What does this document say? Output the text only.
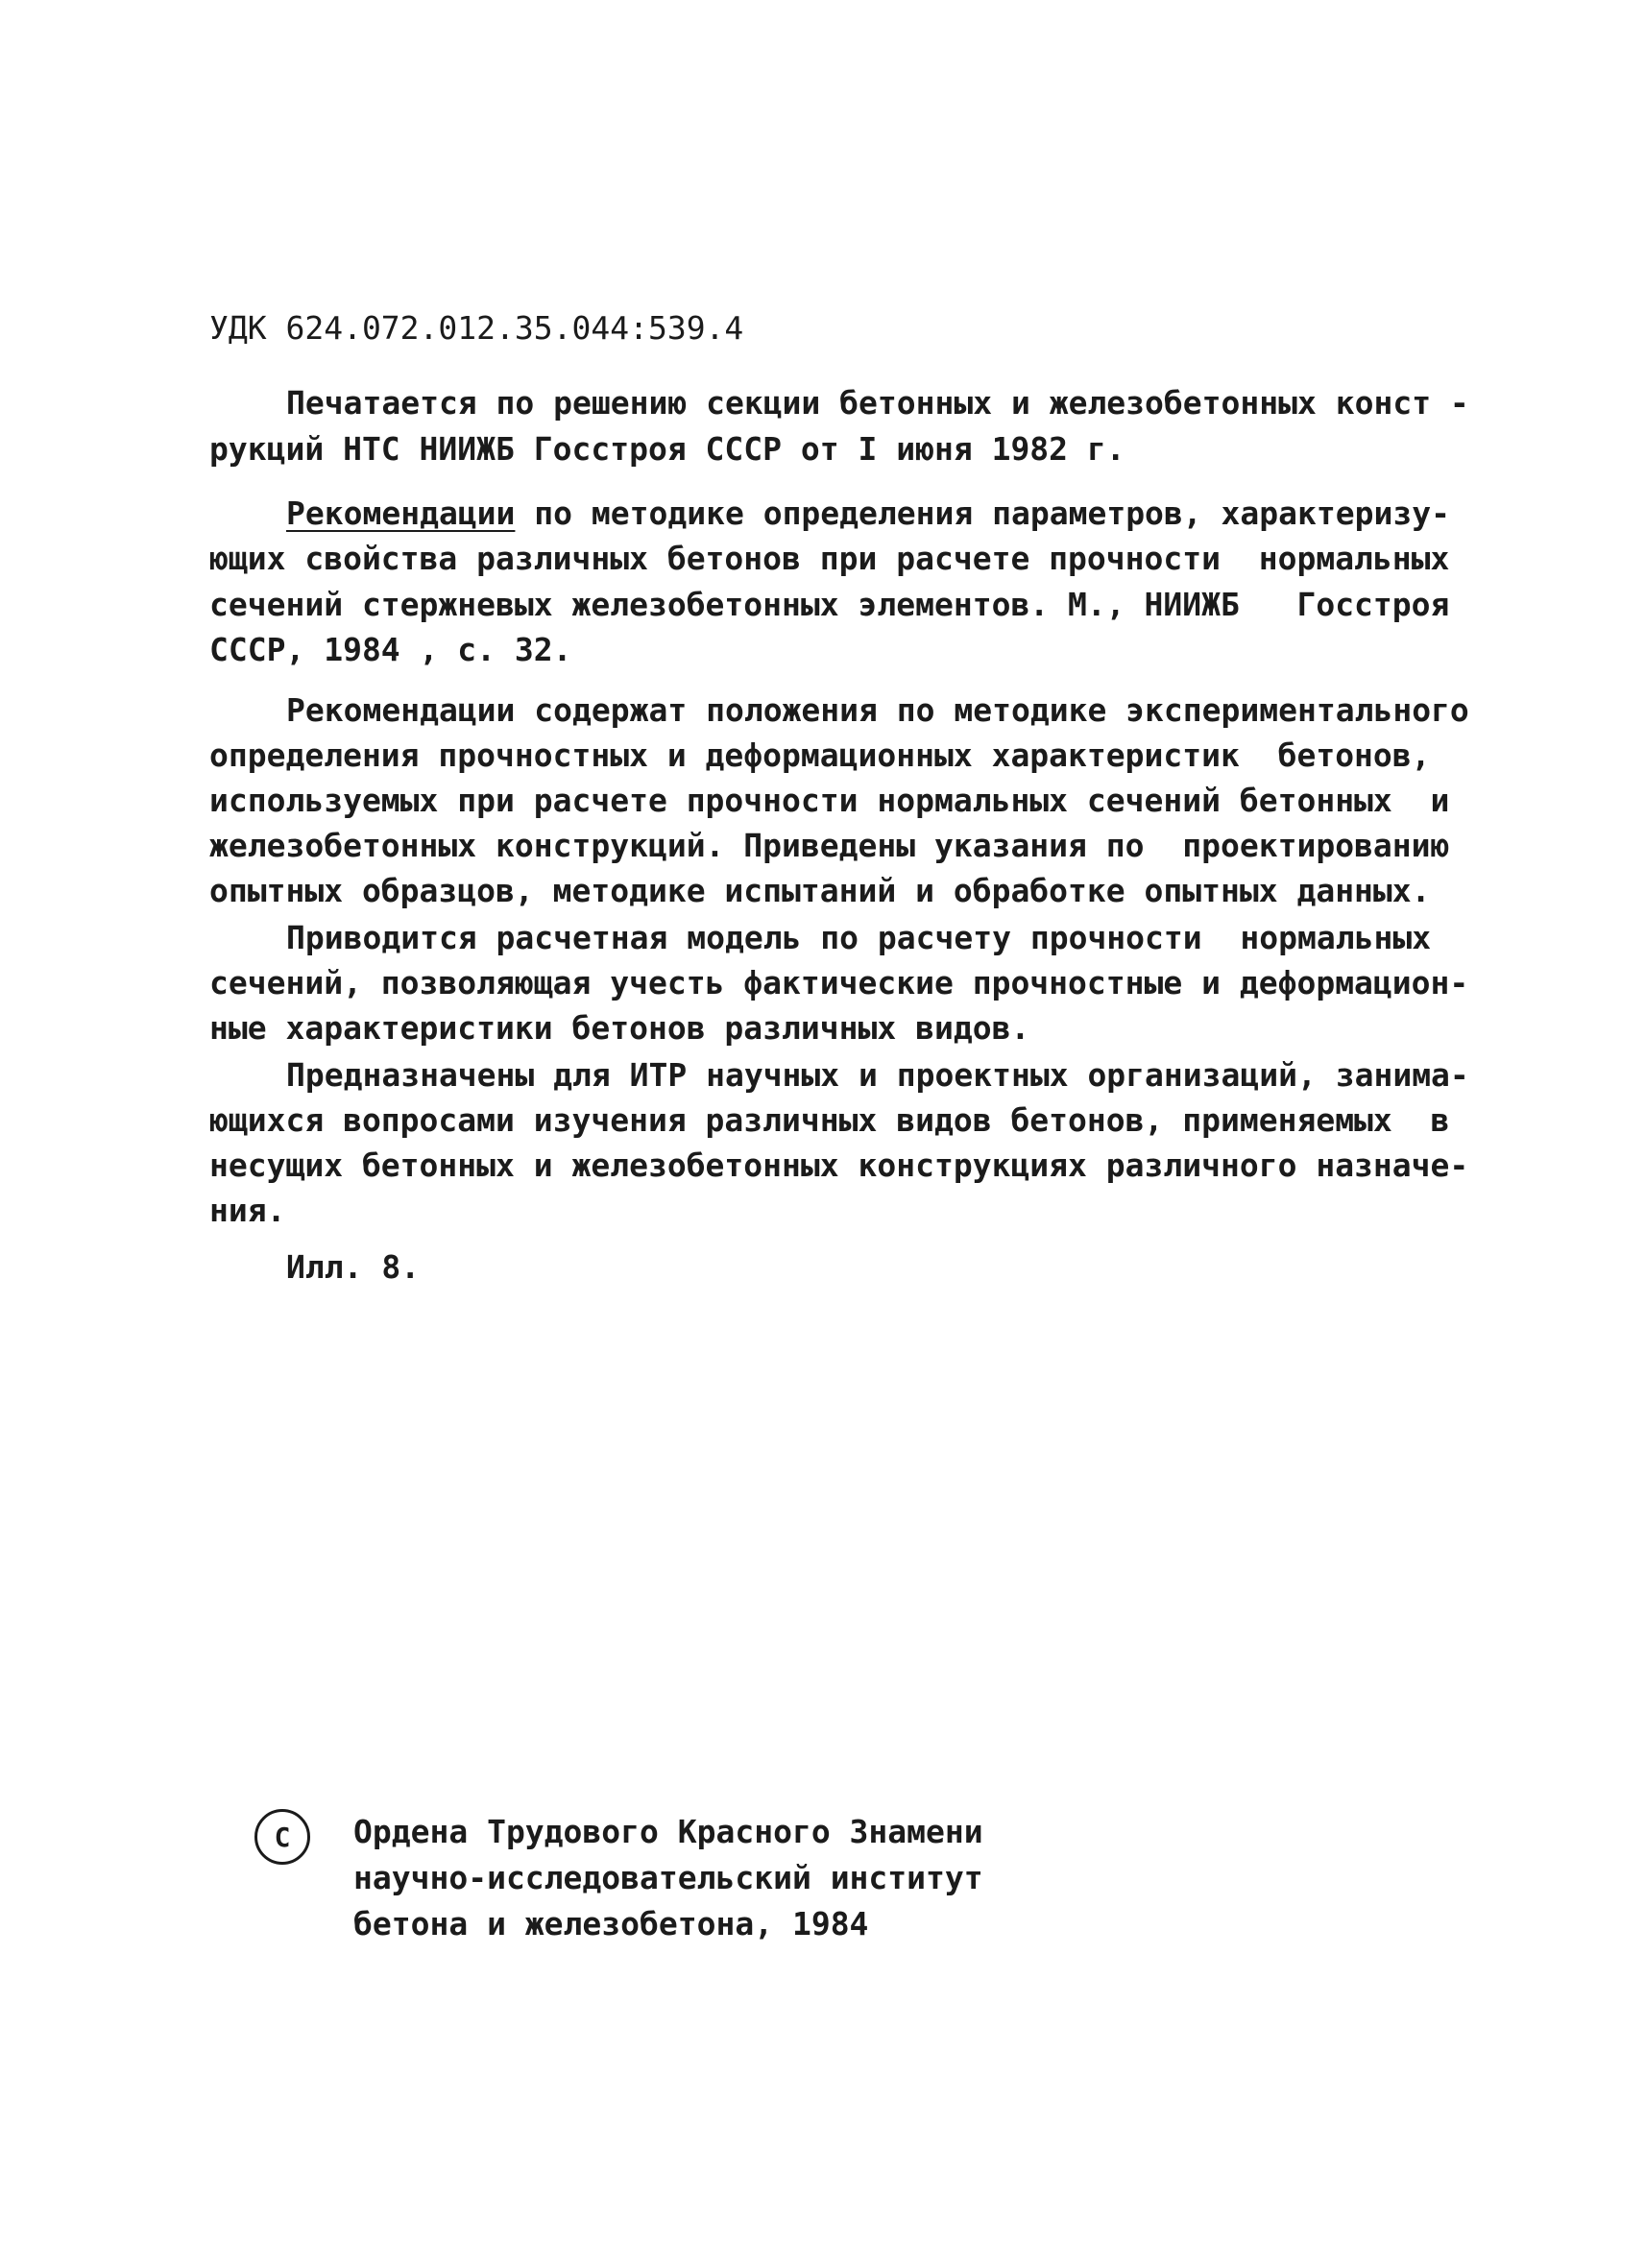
УДК 624.072.012.35.044:539.4
Печатается по решению секции бетонных и железобетонных конст -
рукций НТС НИИЖБ Госстроя СССР от I июня 1982 г.
Рекомендации по методике определения параметров, характеризу-
ющих свойства различных бетонов при расчете прочности  нормальных
сечений стержневых железобетонных элементов. М., НИИЖБ   Госстроя
СССР, 1984 , с. 32.
Рекомендации содержат положения по методике экспериментального
определения прочностных и деформационных характеристик  бетонов,
используемых при расчете прочности нормальных сечений бетонных  и
железобетонных конструкций. Приведены указания по  проектированию
опытных образцов, методике испытаний и обработке опытных данных.
Приводится расчетная модель по расчету прочности  нормальных
сечений, позволяющая учесть фактические прочностные и деформацион-
ные характеристики бетонов различных видов.
Предназначены для ИТР научных и проектных организаций, занима-
ющихся вопросами изучения различных видов бетонов, применяемых  в
несущих бетонных и железобетонных конструкциях различного назначе-
ния.
Илл. 8.
C Ордена Трудового Красного Знамени
научно-исследовательский институт
бетона и железобетона, 1984
